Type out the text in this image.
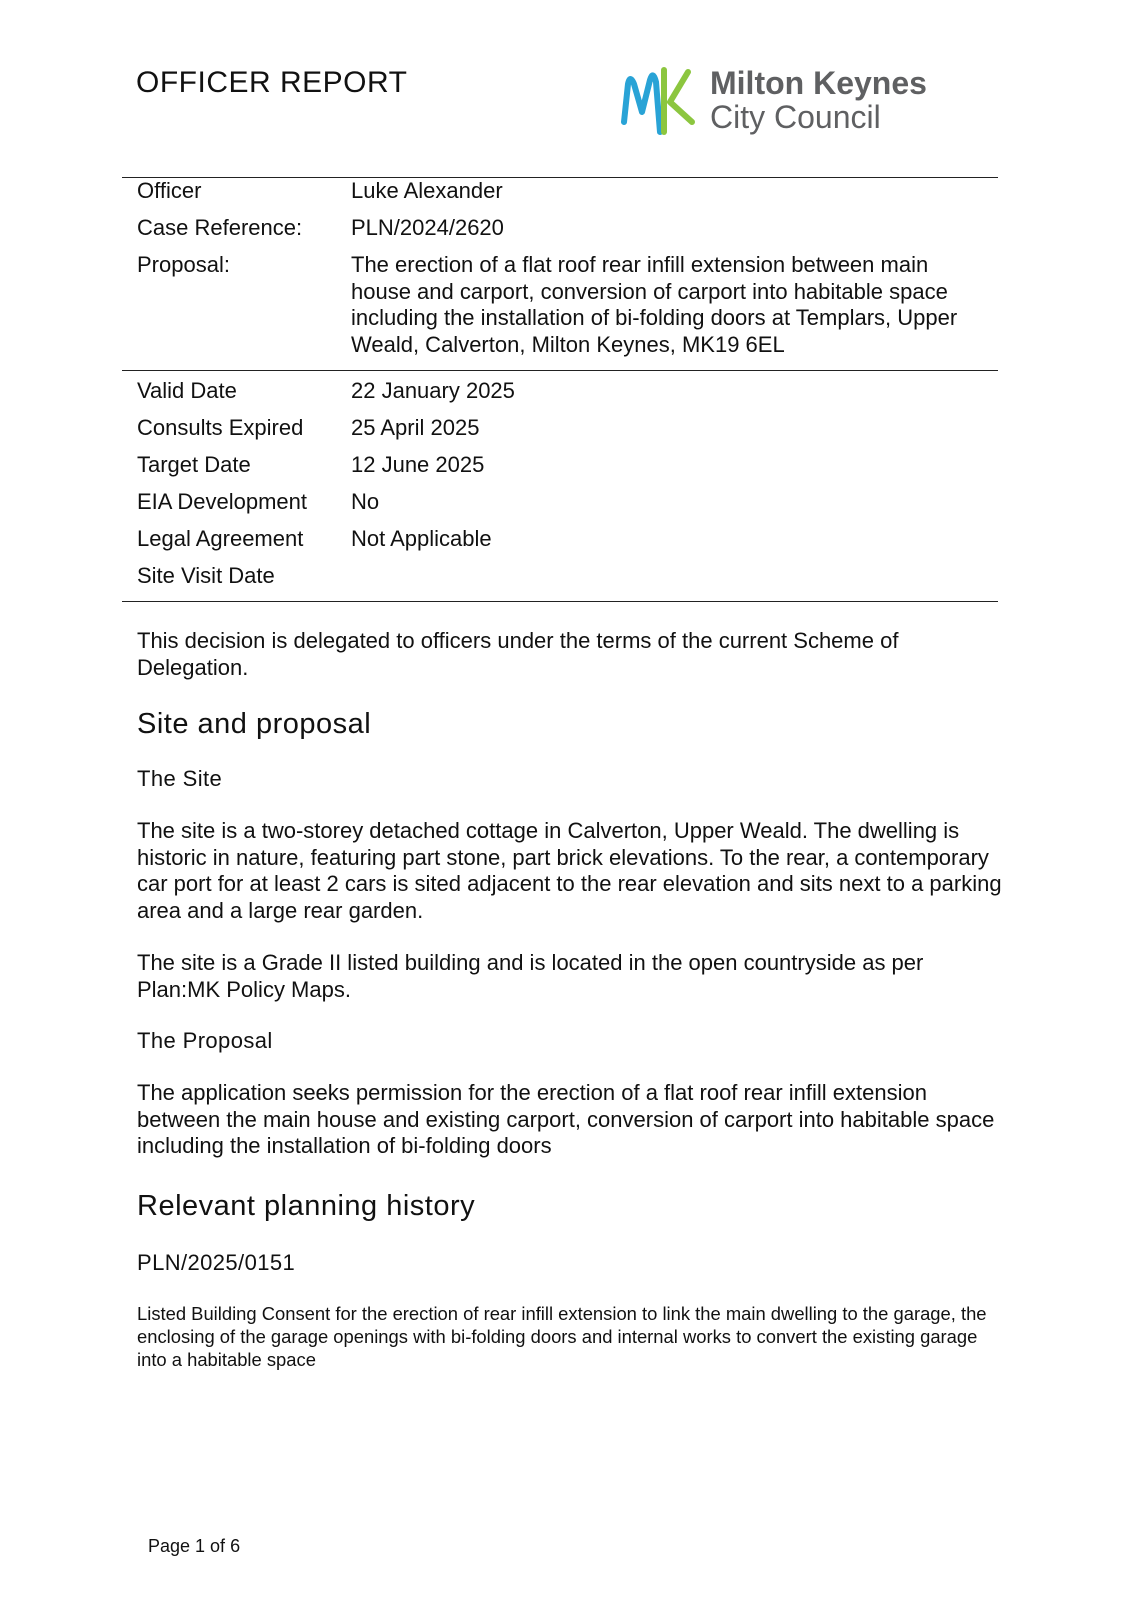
OFFICER REPORT	Milton Keynes
City Council
Officer	Luke Alexander
Case Reference: PLN/2024/2620
Proposal:	The erection of a flat roof rear infill extension between main house and carport, conversion of carport into habitable space including the installation of bi-folding doors at Templars, Upper Weald, Calverton, Milton Keynes, MK19 6EL
Valid Date	22 January 2025
Consults Expired 25 April 2025
Target Date	12 June 2025
EIA Development No
Legal Agreement Not Applicable
Site Visit Date
This decision is delegated to officers under the terms of the current Scheme of Delegation.
Site and proposal
The Site
The site is a two-storey detached cottage in Calverton, Upper Weald. The dwelling is historic in nature, featuring part stone, part brick elevations. To the rear, a contemporary car port for at least 2 cars is sited adjacent to the rear elevation and sits next to a parking area and a large rear garden.
The site is a Grade II listed building and is located in the open countryside as per Plan:MK Policy Maps.
The Proposal
The application seeks permission for the erection of a flat roof rear infill extension between the main house and existing carport, conversion of carport into habitable space including the installation of bi-folding doors
Relevant planning history
PLN/2025/0151
Listed Building Consent for the erection of rear infill extension to link the main dwelling to the garage, the enclosing of the garage openings with bi-folding doors and internal works to convert the existing garage into a habitable space
Page 1 of 6
